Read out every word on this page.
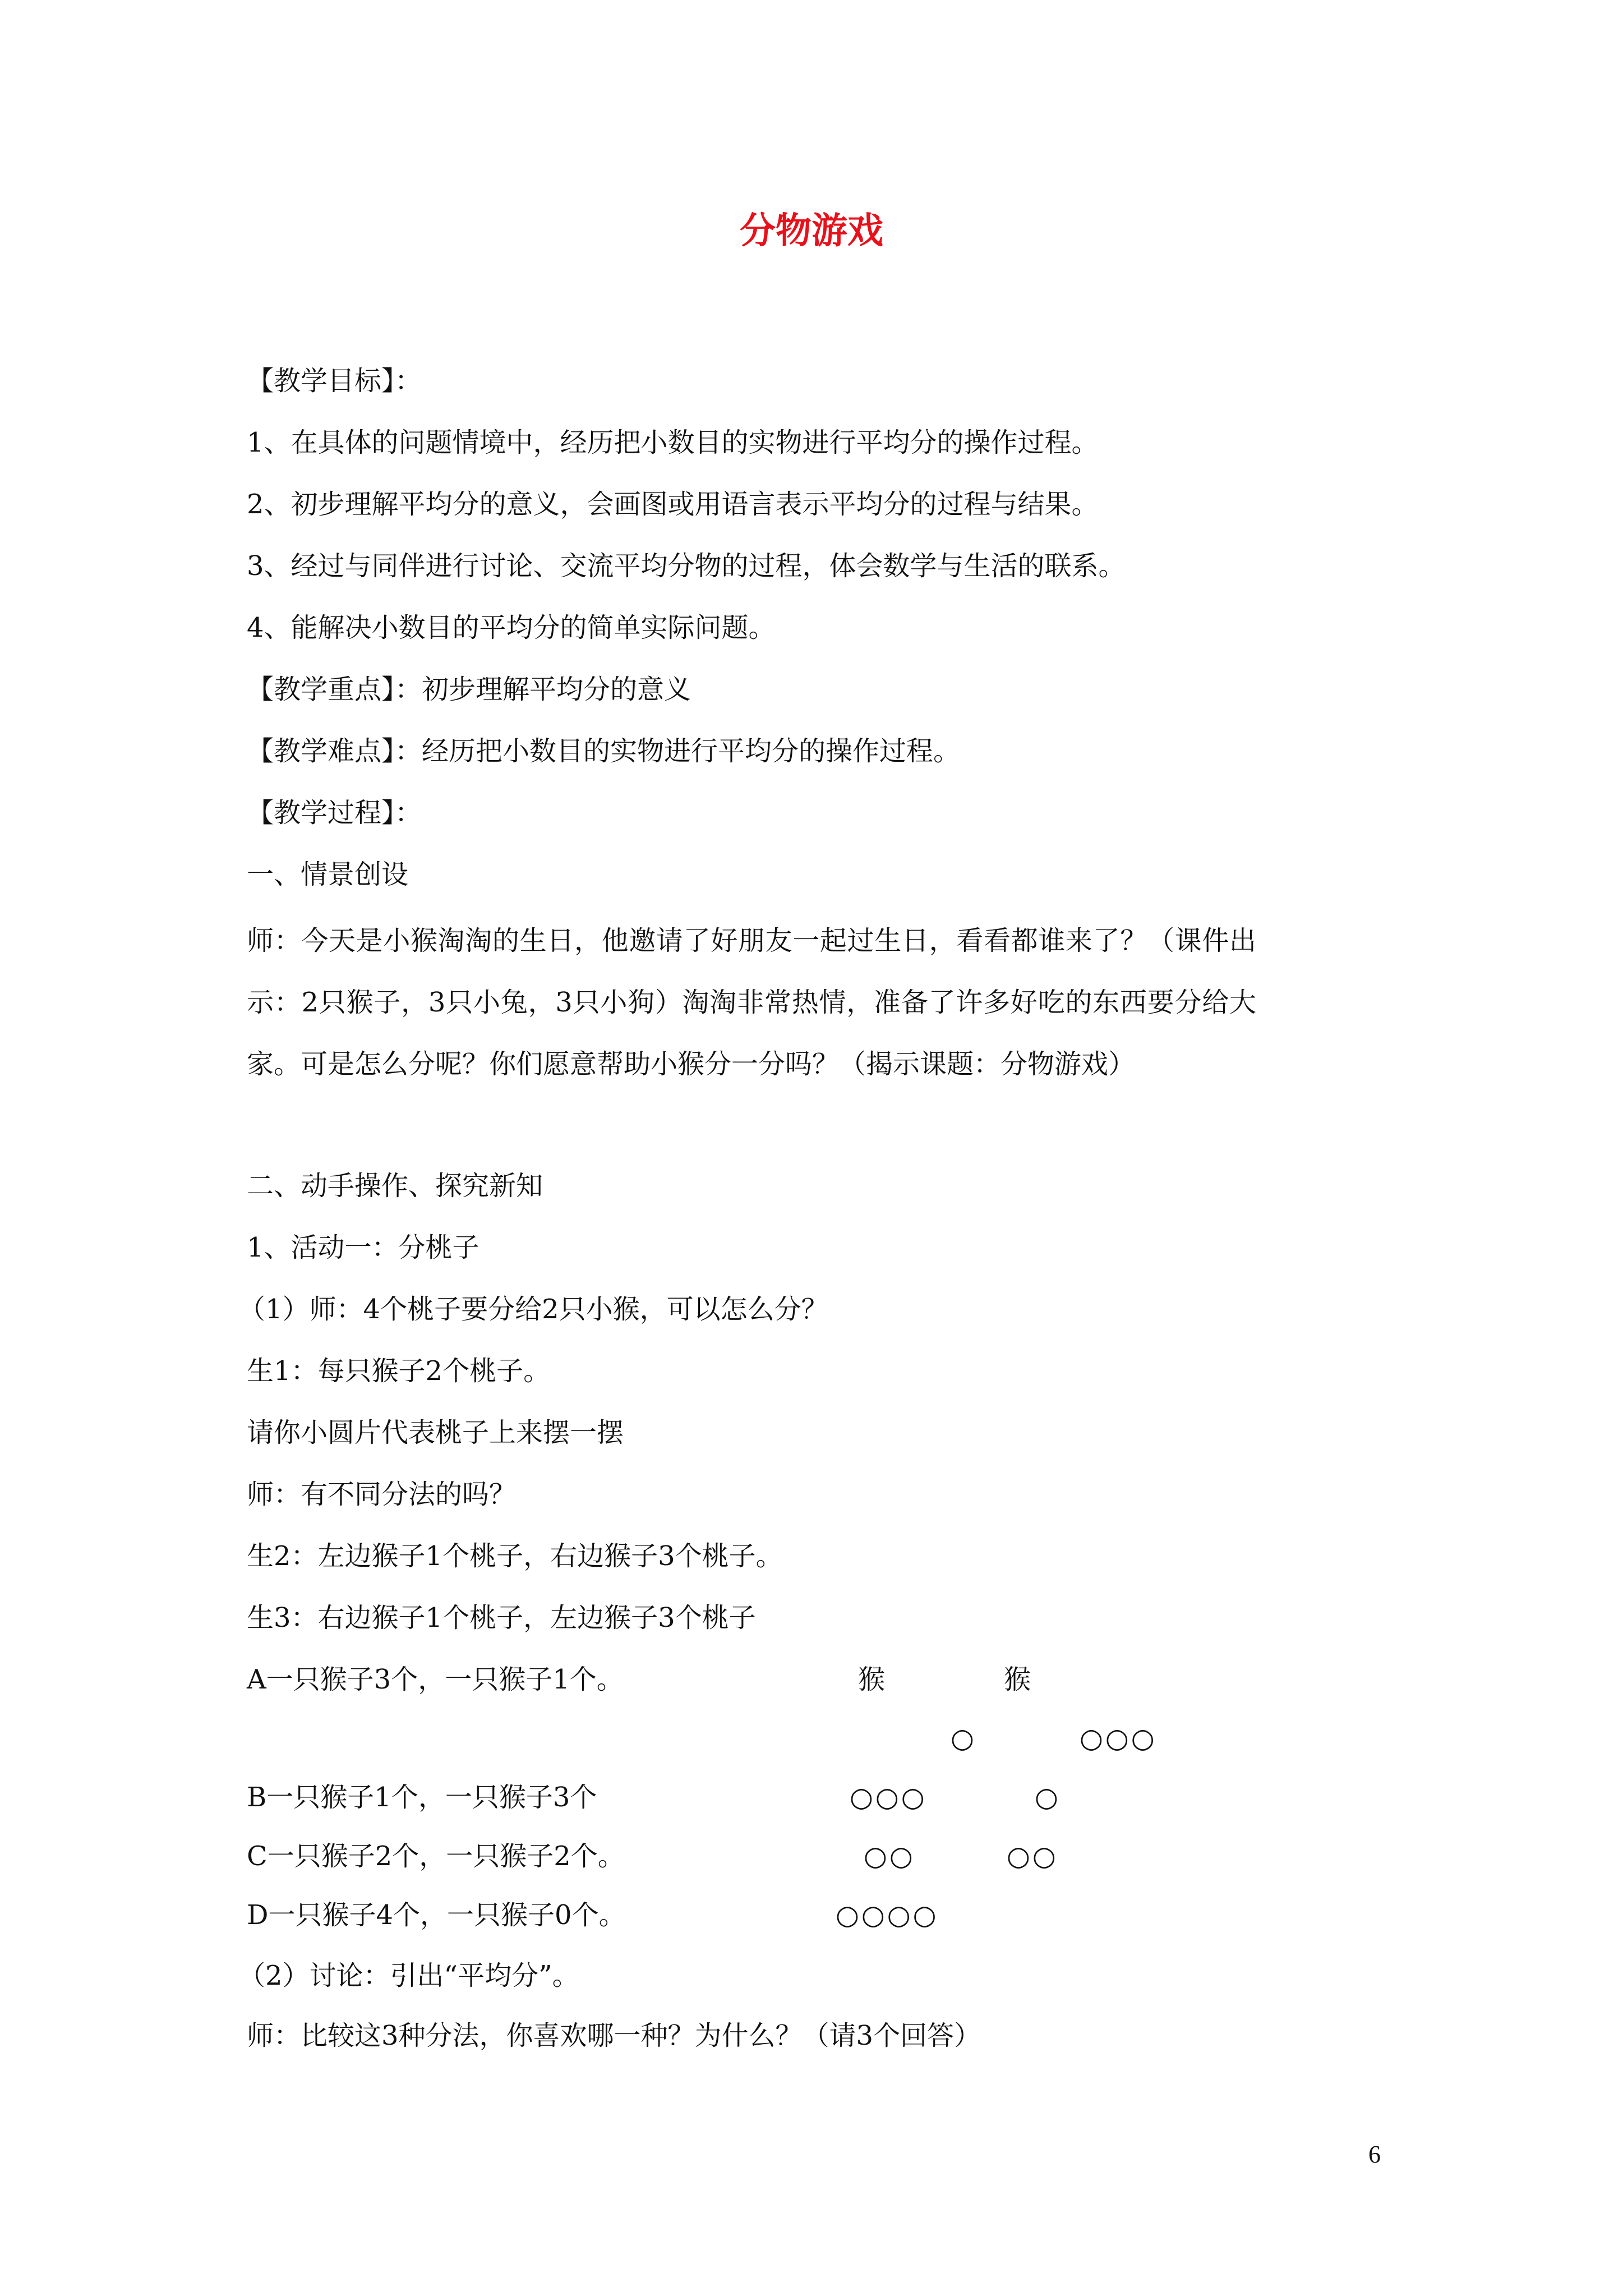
分物游戏
【教学目标】：
1、在具体的问题情境中，经历把小数目的实物进行平均分的操作过程。
2、初步理解平均分的意义，会画图或用语言表示平均分的过程与结果。
3、经过与同伴进行讨论、交流平均分物的过程，体会数学与生活的联系。
4、能解决小数目的平均分的简单实际问题。
【教学重点】：初步理解平均分的意义
【教学难点】：经历把小数目的实物进行平均分的操作过程。
【教学过程】：
一、情景创设
师：今天是小猴淘淘的生日，他邀请了好朋友一起过生日，看看都谁来了？（课件出示：2只猴子，3只小兔，3只小狗）淘淘非常热情，准备了许多好吃的东西要分给大家。可是怎么分呢？你们愿意帮助小猴分一分吗？（揭示课题：分物游戏）
二、动手操作、探究新知
1、活动一：分桃子
（1）师：4个桃子要分给2只小猴，可以怎么分？
生1：每只猴子2个桃子。
请你小圆片代表桃子上来摆一摆
师：有不同分法的吗？
生2：左边猴子1个桃子，右边猴子3个桃子。
生3：右边猴子1个桃子，左边猴子3个桃子
A一只猴子3个，一只猴子1个。	猴	猴
○	○○○
B一只猴子1个，一只猴子3个	○○○	○
C一只猴子2个，一只猴子2个。	○○	○○
D一只猴子4个，一只猴子0个。	○○○○
（2）讨论：引出“平均分”。
师：比较这3种分法，你喜欢哪一种？为什么？（请3个回答）
6
